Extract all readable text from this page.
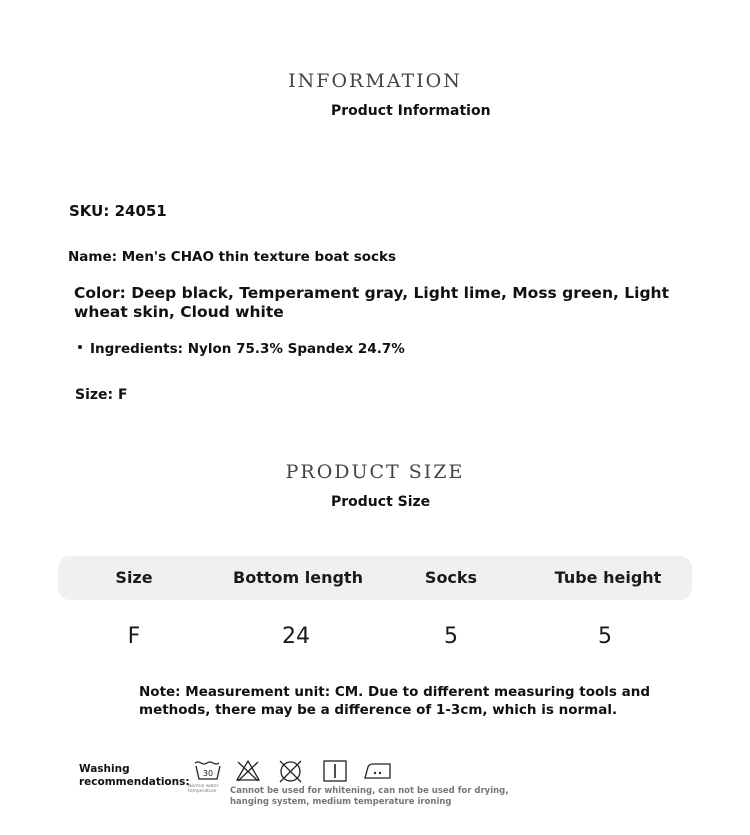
INFORMATION
Product Information
SKU: 24051
Name: Men's CHAO thin texture boat socks
Color: Deep black, Temperament gray, Light lime, Moss green, Light
wheat skin, Cloud white
Ingredients: Nylon 75.3% Spandex 24.7%
Size: F
PRODUCT SIZE
Product Size
Size	Bottom length	Socks	Tube height
F	24	5	5
Note: Measurement unit: CM. Due to different measuring tools and
methods, there may be a difference of 1-3cm, which is normal.
Washing
recommendations:
30
Normal water
temperature Cannot be used for whitening, can not be used for drying,
hanging system, medium temperature ironing
